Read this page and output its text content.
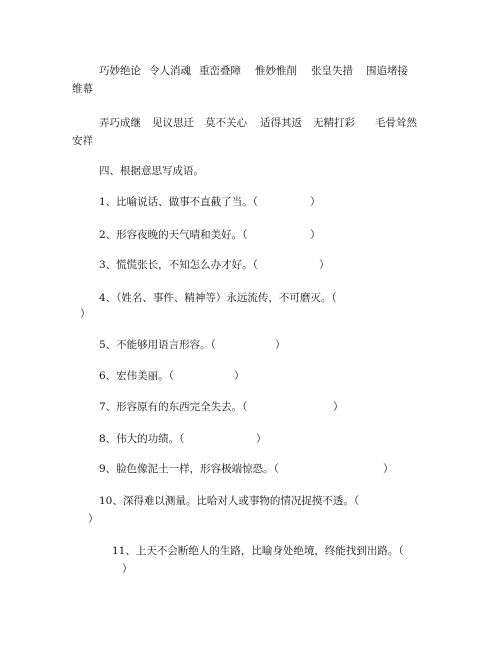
巧妙绝论 令人消魂 重峦叠障 惟妙惟削 张皇失措 围追堵接
维幕
弄巧成继 见议思迁 莫不关心 适得其返 无精打彩 毛骨耸然
安祥
四、根据意思写成语。
1、比喻说话、做事不直截了当。（	）
2、形容夜晚的天气晴和美好。（	）
3、慌慌张长，不知怎么办才好。（	）
4、（姓名、事件、精神等）永远流传，不可磨灭。（
）
5、不能够用语言形容。（	）
6、宏伟美丽。（	）
7、形容原有的东西完全失去。（	）
8、伟大的功绩。（	）
9、脸色像泥土一样，形容极端惊恐。（	）
10、深得难以测量。比哈对人或事物的情况捉摸不透。（
）
11、上天不会断绝人的生路，比喻身处绝境，终能找到出路。（
）
